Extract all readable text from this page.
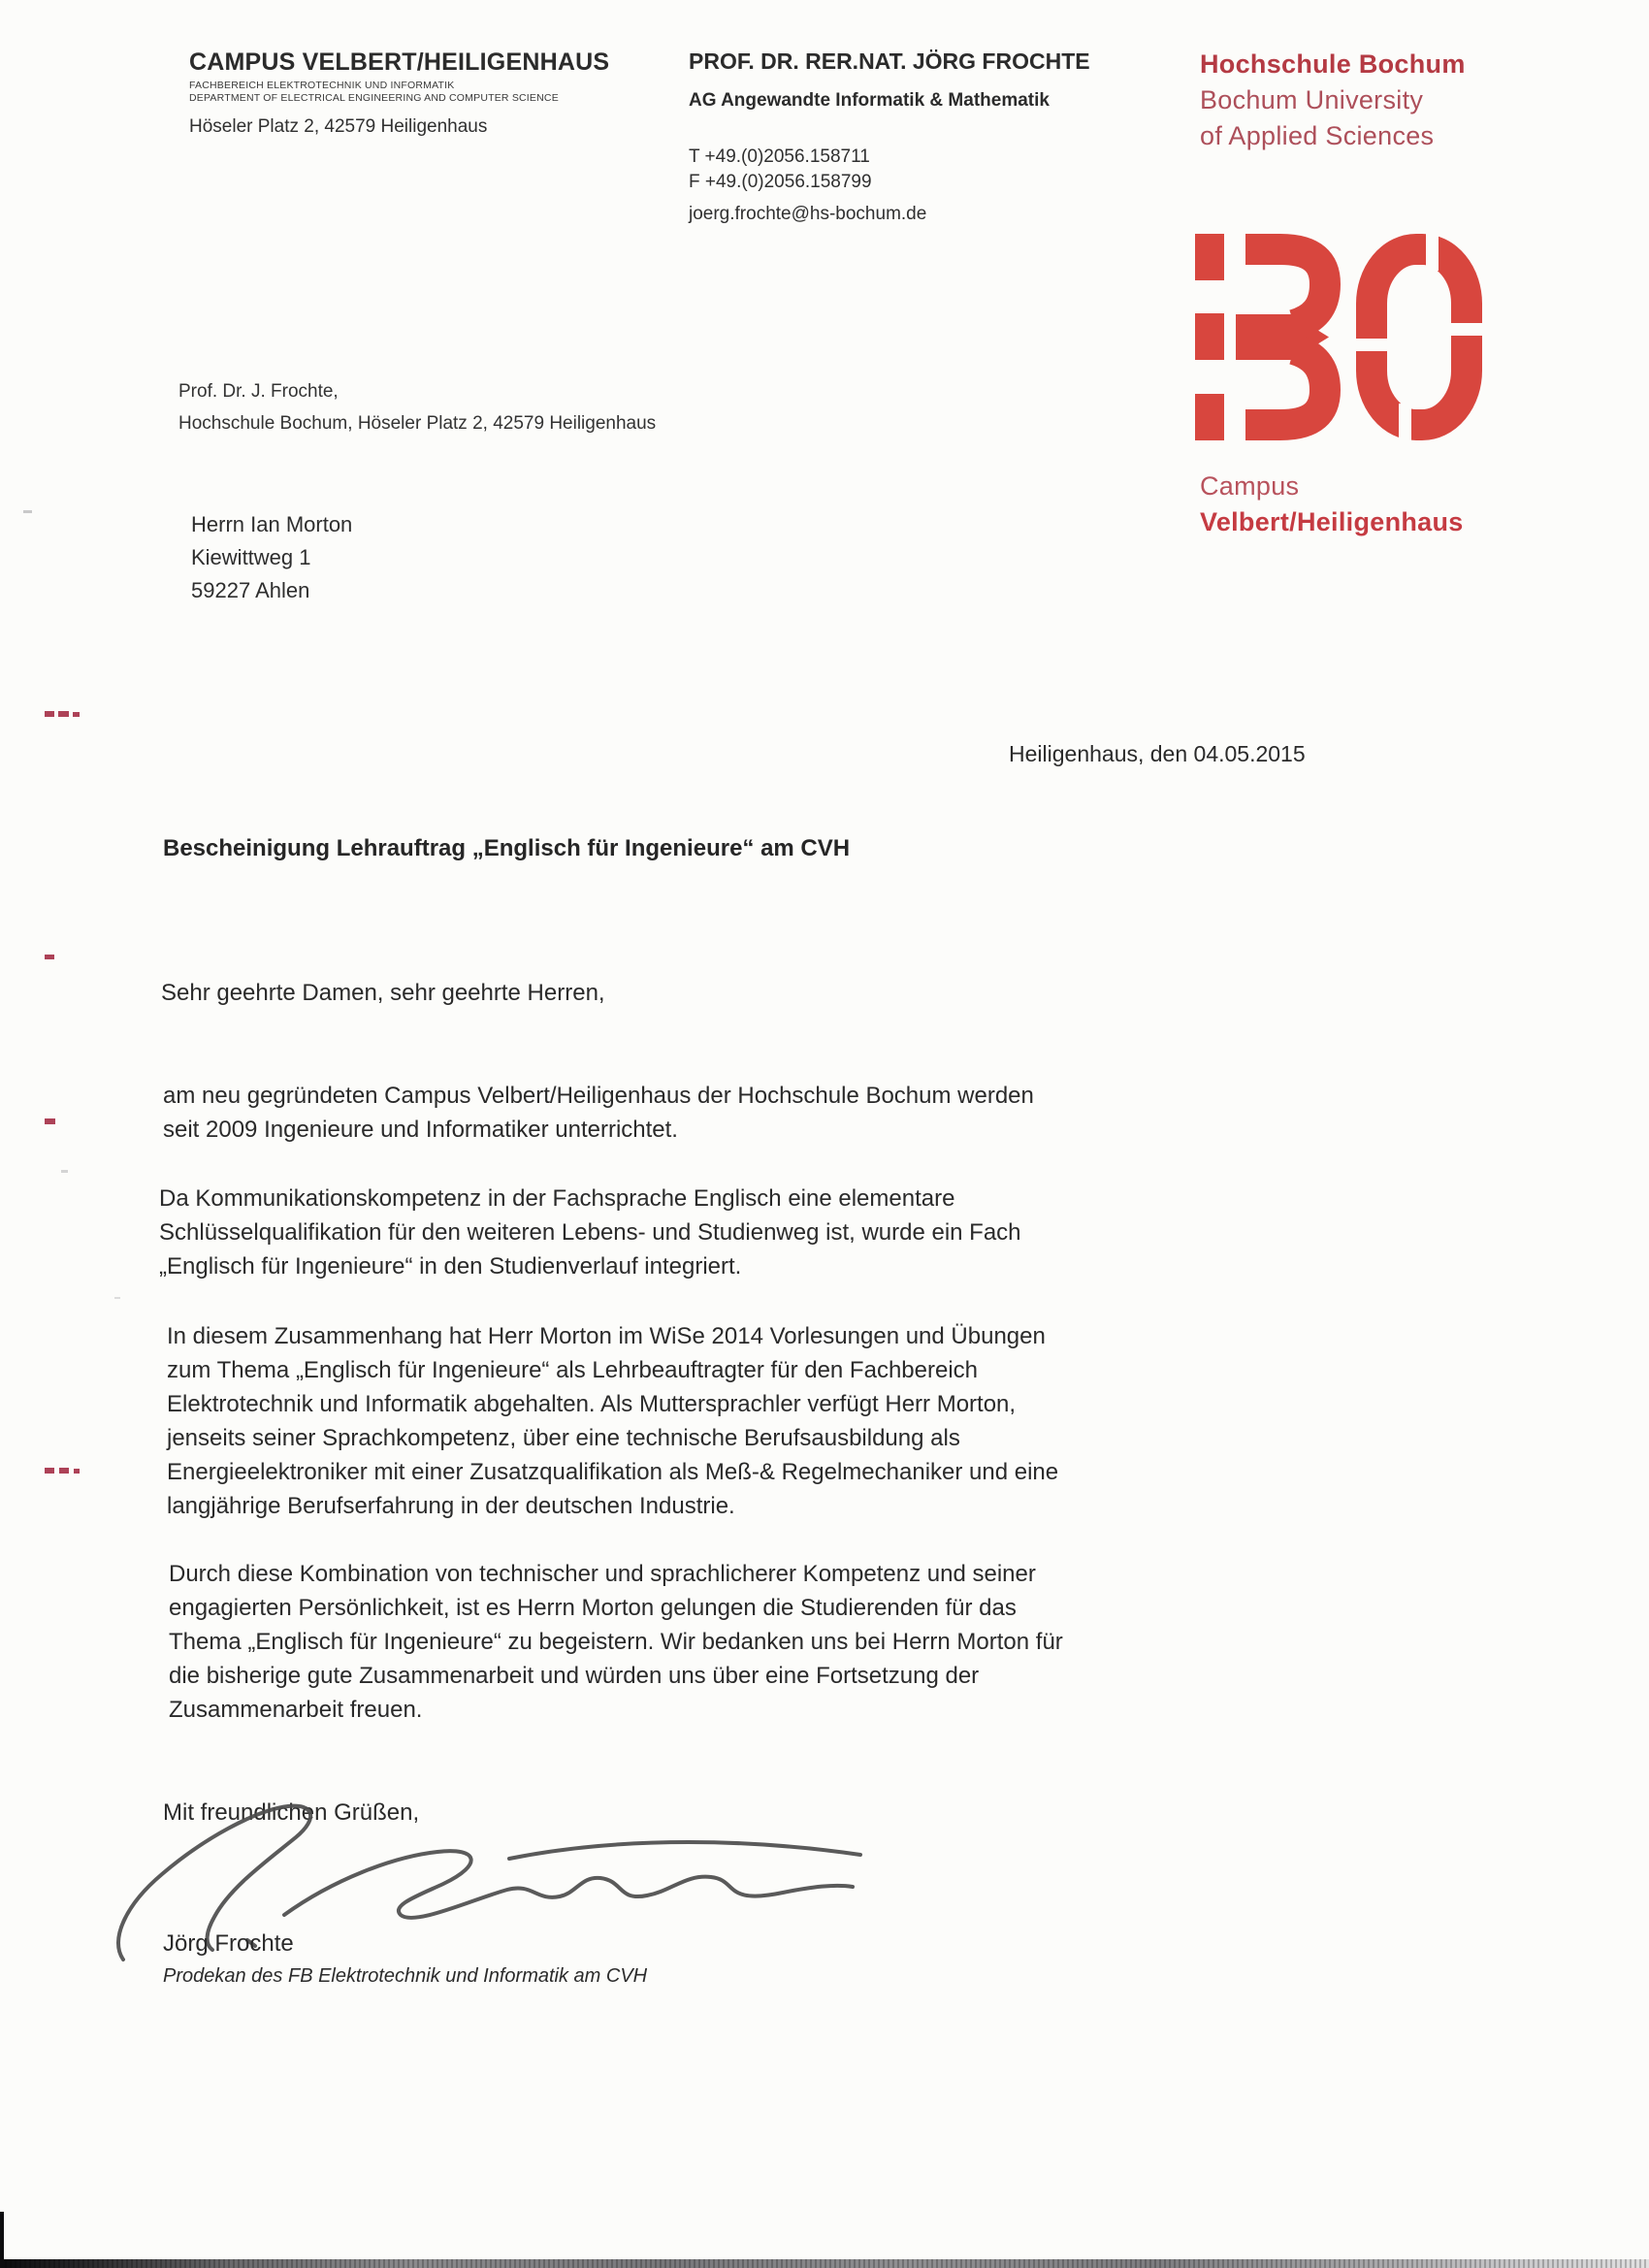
CAMPUS VELBERT/HEILIGENHAUS
FACHBEREICH ELEKTROTECHNIK UND INFORMATIK
DEPARTMENT OF ELECTRICAL ENGINEERING AND COMPUTER SCIENCE
Höseler Platz 2, 42579 Heiligenhaus
PROF. DR. RER.NAT. JÖRG FROCHTE
AG Angewandte Informatik & Mathematik
T +49.(0)2056.158711
F +49.(0)2056.158799
joerg.frochte@hs-bochum.de
Hochschule Bochum
Bochum University
of Applied Sciences
Campus
Velbert/Heiligenhaus
Prof. Dr. J. Frochte,
Hochschule Bochum, Höseler Platz 2, 42579 Heiligenhaus
Herrn Ian Morton
Kiewittweg 1
59227 Ahlen
Heiligenhaus, den 04.05.2015
Bescheinigung Lehrauftrag „Englisch für Ingenieure“ am CVH
Sehr geehrte Damen, sehr geehrte Herren,
am neu gegründeten Campus Velbert/Heiligenhaus der Hochschule Bochum werden
seit 2009 Ingenieure und Informatiker unterrichtet.
Da Kommunikationskompetenz in der Fachsprache Englisch eine elementare
Schlüsselqualifikation für den weiteren Lebens- und Studienweg ist, wurde ein Fach
„Englisch für Ingenieure“ in den Studienverlauf integriert.
In diesem Zusammenhang hat Herr Morton im WiSe 2014 Vorlesungen und Übungen
zum Thema „Englisch für Ingenieure“ als Lehrbeauftragter für den Fachbereich
Elektrotechnik und Informatik abgehalten. Als Muttersprachler verfügt Herr Morton,
jenseits seiner Sprachkompetenz, über eine technische Berufsausbildung als
Energieelektroniker mit einer Zusatzqualifikation als Meß-& Regelmechaniker und eine
langjährige Berufserfahrung in der deutschen Industrie.
Durch diese Kombination von technischer und sprachlicherer Kompetenz und seiner
engagierten Persönlichkeit, ist es Herrn Morton gelungen die Studierenden für das
Thema „Englisch für Ingenieure“ zu begeistern. Wir bedanken uns bei Herrn Morton für
die bisherige gute Zusammenarbeit und würden uns über eine Fortsetzung der
Zusammenarbeit freuen.
Mit freundlichen Grüßen,
Jörg Frochte
Prodekan des FB Elektrotechnik und Informatik am CVH
